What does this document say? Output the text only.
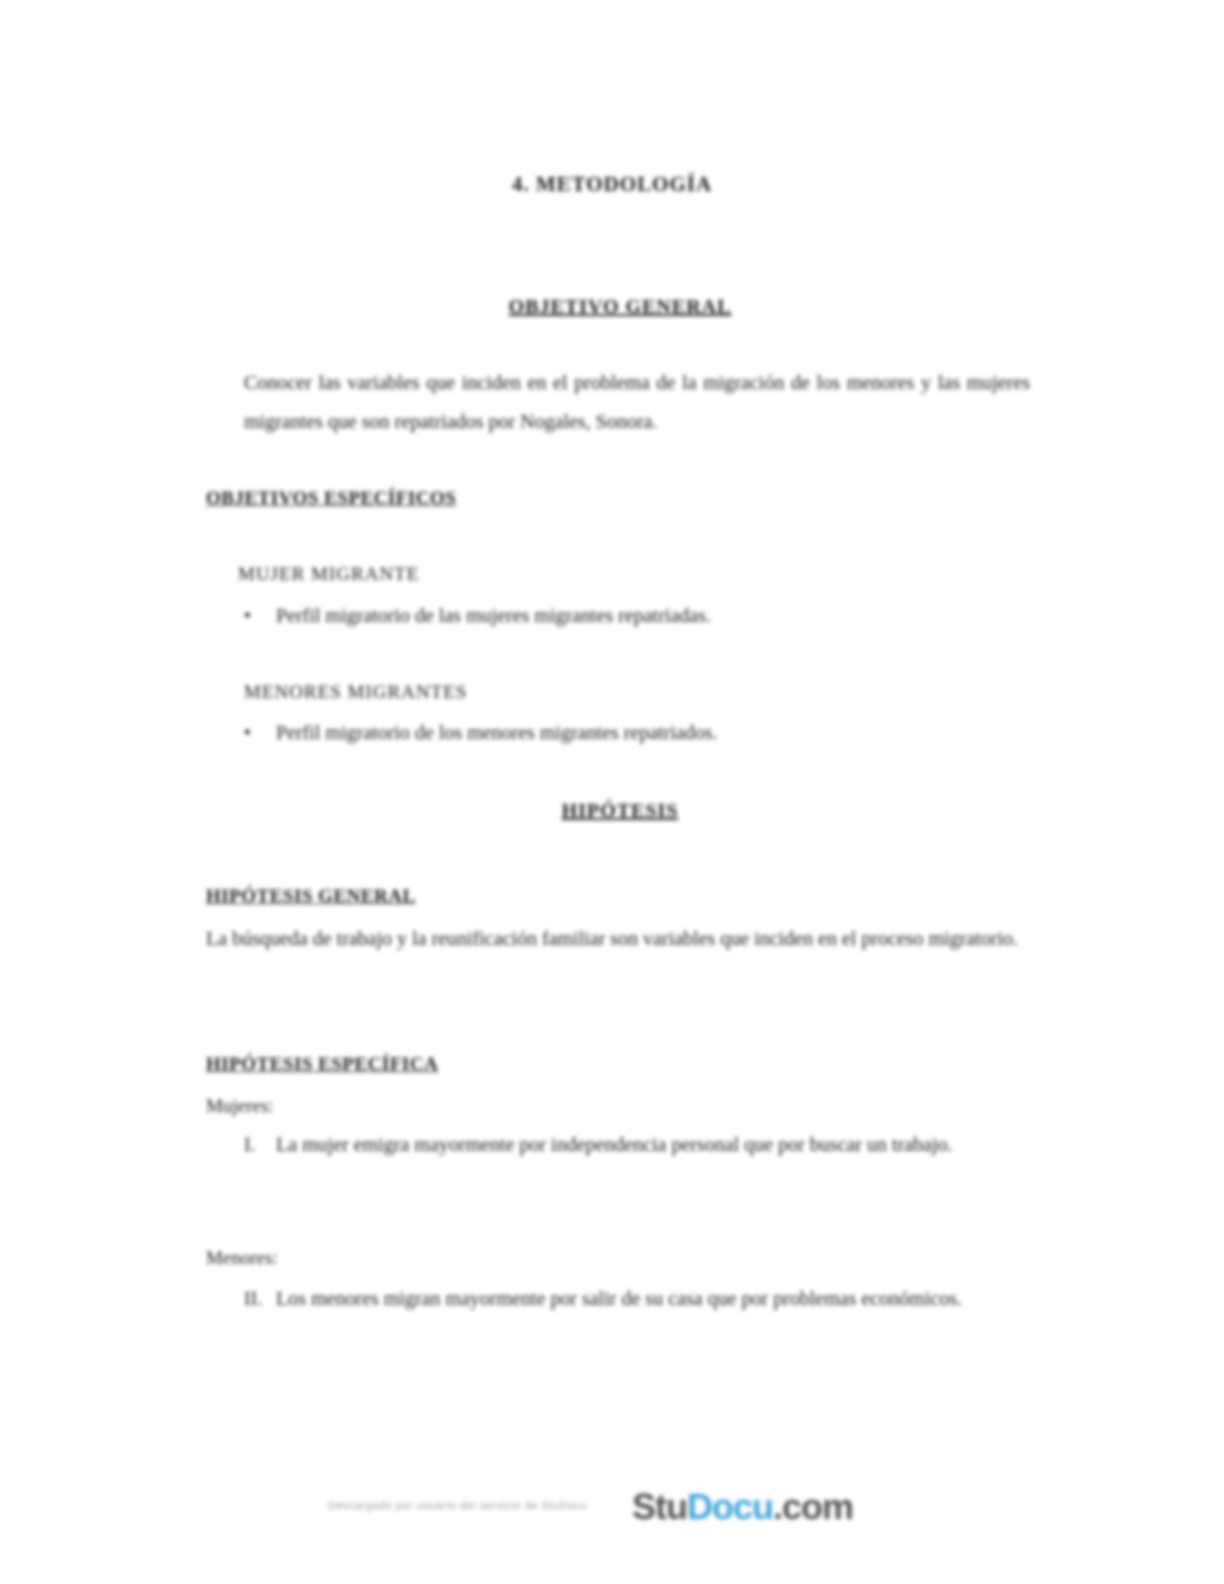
4. METODOLOGÍA
OBJETIVO GENERAL
Conocer las variables que inciden en el problema de la migración de los menores y las mujeres migrantes que son repatriados por Nogales, Sonora.
OBJETIVOS ESPECÍFICOS
MUJER MIGRANTE
•	Perfil migratorio de las mujeres migrantes repatriadas.
MENORES MIGRANTES
•	Perfil migratorio de los menores migrantes repatriados.
HIPÓTESIS
HIPÓTESIS GENERAL
La búsqueda de trabajo y la reunificación familiar son variables que inciden en el proceso migratorio.
HIPÓTESIS ESPECÍFICA
Mujeres:
I.	La mujer emigra mayormente por independencia personal que por buscar un trabajo.
Menores:
II. Los menores migran mayormente por salir de su casa que por problemas económicos.
Descargado por usuario del servicio de StuDocu StuDocu.com
